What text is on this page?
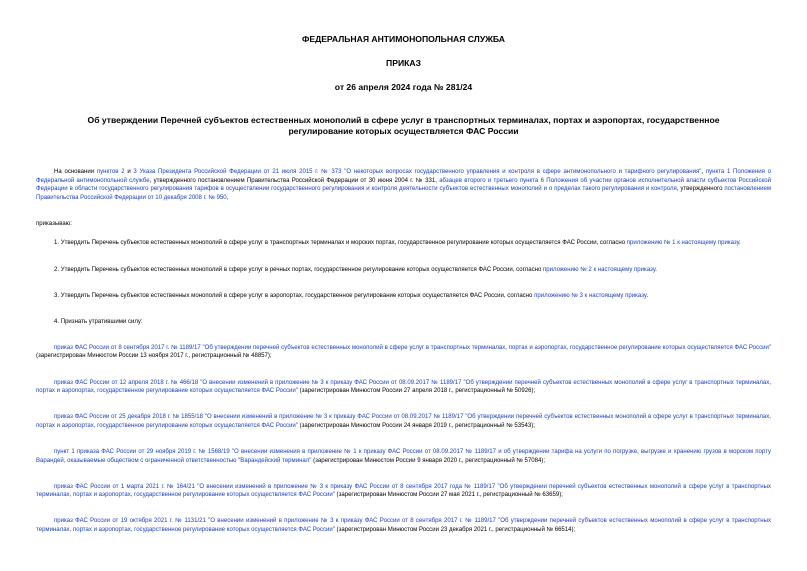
ФЕДЕРАЛЬНАЯ АНТИМОНОПОЛЬНАЯ СЛУЖБА
ПРИКАЗ
от 26 апреля 2024 года № 281/24
Об утверждении Перечней субъектов естественных монополий в сфере услуг в транспортных терминалах, портах и аэропортах, государственное регулирование которых осуществляется ФАС России

На основании пунктов 2 и 3 Указа Президента Российской Федерации от 21 июля 2015 г. № 373 "О некоторых вопросах государственного управления и контроля в сфере антимонопольного и тарифного регулирования", пункта 1 Положения о Федеральной антимонопольной службе, утвержденного постановлением Правительства Российской Федерации от 30 июня 2004 г. № 331, абзацев второго и третьего пункта 6 Положения об участии органов исполнительной власти субъектов Российской Федерации в области государственного регулирования тарифов в осуществлении государственного регулирования и контроля деятельности субъектов естественных монополий и о пределах такого регулирования и контроля, утвержденного постановлением Правительства Российской Федерации от 10 декабря 2008 г. № 950,

приказываю:

1. Утвердить Перечень субъектов естественных монополий в сфере услуг в транспортных терминалах и морских портах, государственное регулирование которых осуществляется ФАС России, согласно приложению № 1 к настоящему приказу.

2. Утвердить Перечень субъектов естественных монополий в сфере услуг в речных портах, государственное регулирование которых осуществляется ФАС России, согласно приложению № 2 к настоящему приказу.

3. Утвердить Перечень субъектов естественных монополий в сфере услуг в аэропортах, государственное регулирование которых осуществляется ФАС России, согласно приложению № 3 к настоящему приказу.

4. Признать утратившими силу:

приказ ФАС России от 8 сентября 2017 г. № 1189/17 "Об утверждении перечней субъектов естественных монополий в сфере услуг в транспортных терминалах, портах и аэропортах, государственное регулирование которых осуществляется ФАС России" (зарегистрирован Минюстом России 13 ноября 2017 г., регистрационный № 48857);

приказ ФАС России от 12 апреля 2018 г. № 466/18 "О внесении изменений в приложение № 3 к приказу ФАС России от 08.09.2017 № 1189/17 "Об утверждении перечней субъектов естественных монополий в сфере услуг в транспортных терминалах, портах и аэропортах, государственное регулирование которых осуществляется ФАС России" (зарегистрирован Минюстом России 27 апреля 2018 г., регистрационный № 50926);

приказ ФАС России от 25 декабря 2018 г. № 1855/18 "О внесении изменений в приложение № 3 к приказу ФАС России от 08.09.2017 № 1189/17 "Об утверждении перечней субъектов естественных монополий в сфере услуг в транспортных терминалах, портах и аэропортах, государственное регулирование которых осуществляется ФАС России" (зарегистрирован Минюстом России 24 января 2019 г., регистрационный № 53543);

пункт 1 приказа ФАС России от 29 ноября 2019 г. № 1568/19 "О внесении изменения в приложение № 1 к приказу ФАС России от 08.09.2017 № 1189/17 и об утверждении тарифа на услуги по погрузке, выгрузке и хранению грузов в морском порту Варандей, оказываемые обществом с ограниченной ответственностью "Варандейский терминал" (зарегистрирован Минюстом России 9 января 2020 г., регистрационный № 57084);

приказ ФАС России от 1 марта 2021 г. № 164/21 "О внесении изменений в приложение № 3 к приказу ФАС России от 8 сентября 2017 года № 1189/17 "Об утверждении перечней субъектов естественных монополий в сфере услуг в транспортных терминалах, портах и аэропортах, государственное регулирование которых осуществляется ФАС России" (зарегистрирован Минюстом России 27 мая 2021 г., регистрационный № 63659);

приказ ФАС России от 19 октября 2021 г. № 1131/21 "О внесении изменений в приложение № 3 к приказу ФАС России от 8 сентября 2017 г. № 1189/17 "Об утверждении перечней субъектов естественных монополий в сфере услуг в транспортных терминалах, портах и аэропортах, государственное регулирование которых осуществляется ФАС России" (зарегистрирован Минюстом России 23 декабря 2021 г., регистрационный № 66514);
